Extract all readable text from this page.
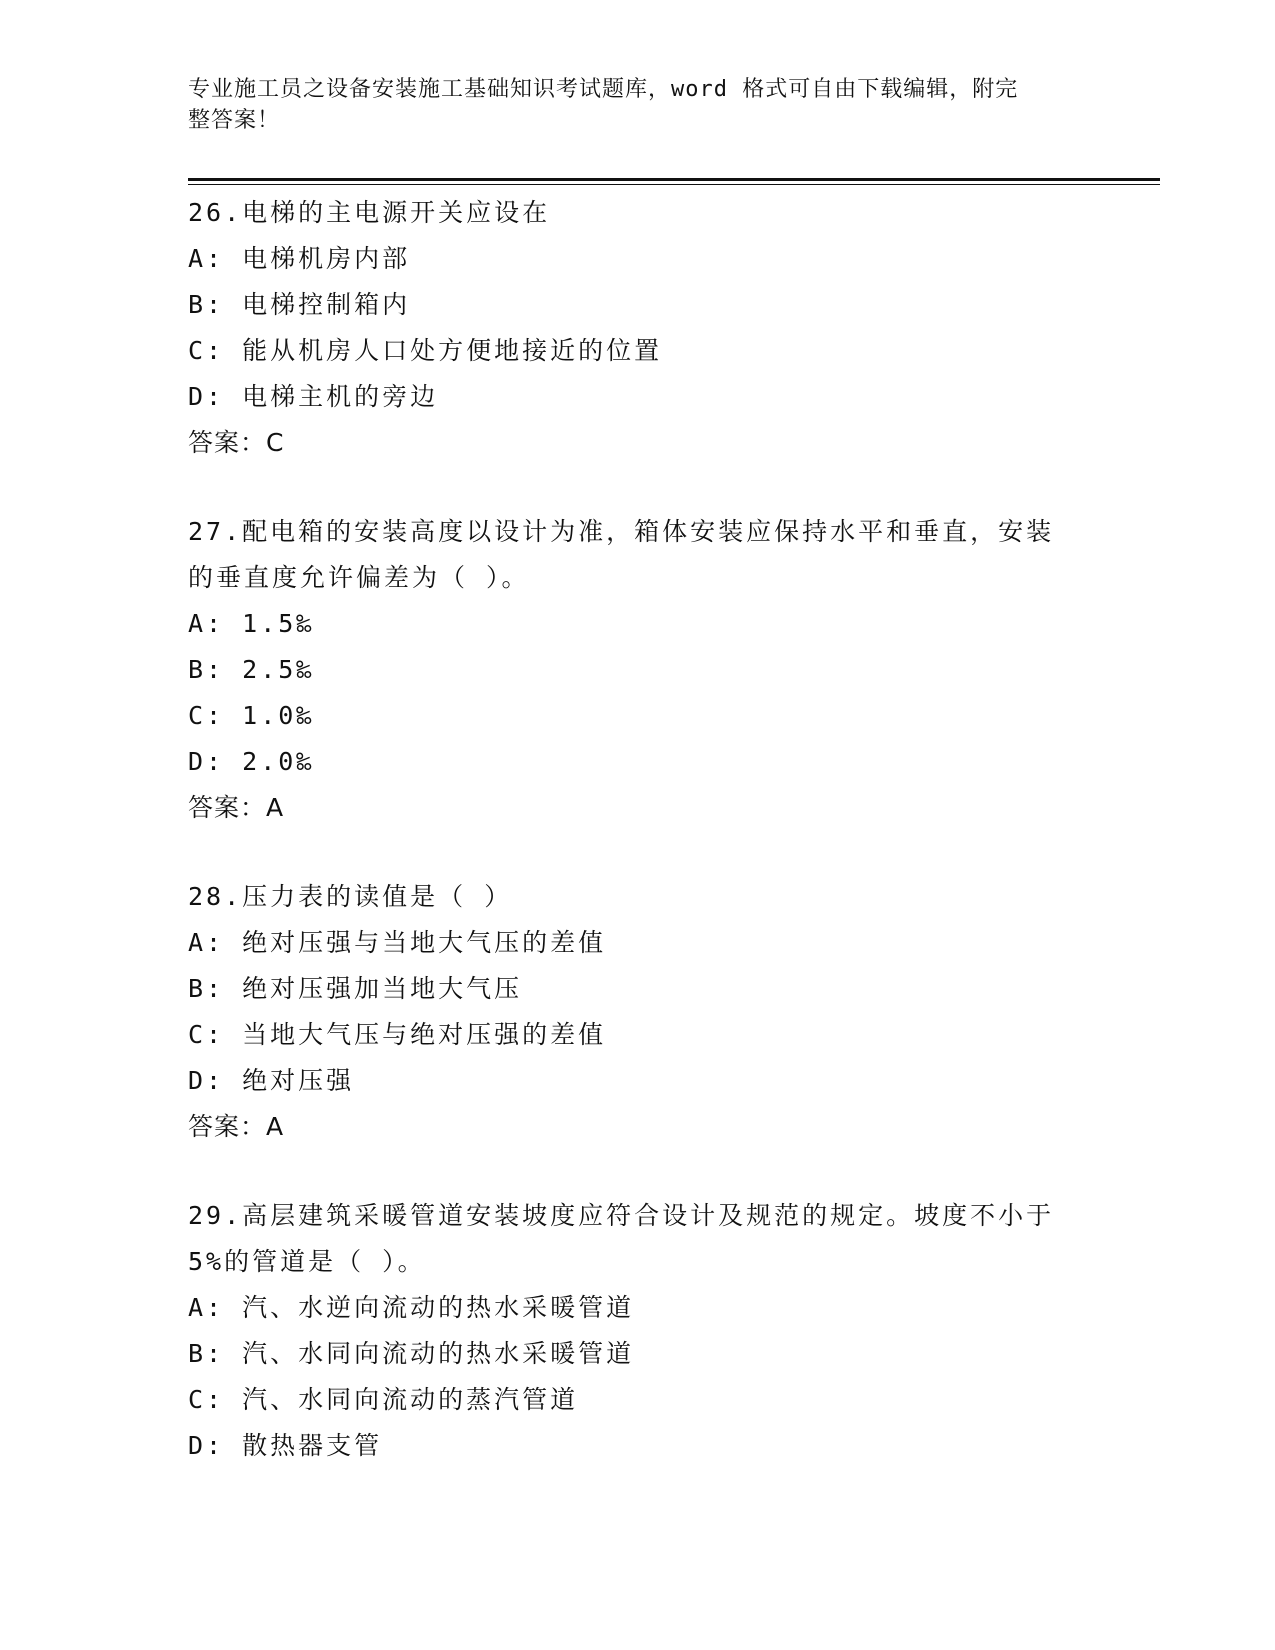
专业施工员之设备安装施工基础知识考试题库，word 格式可自由下载编辑，附完
整答案！
26.电梯的主电源开关应设在
A: 电梯机房内部
B: 电梯控制箱内
C: 能从机房人口处方便地接近的位置
D: 电梯主机的旁边
答案：C
27.配电箱的安装高度以设计为准，箱体安装应保持水平和垂直，安装
的垂直度允许偏差为（ ）。
A: 1.5‰
B: 2.5‰
C: 1.0‰
D: 2.0‰
答案：A
28.压力表的读值是（ ）
A: 绝对压强与当地大气压的差值
B: 绝对压强加当地大气压
C: 当地大气压与绝对压强的差值
D: 绝对压强
答案：A
29.高层建筑采暖管道安装坡度应符合设计及规范的规定。坡度不小于
5%的管道是（ ）。
A: 汽、水逆向流动的热水采暖管道
B: 汽、水同向流动的热水采暖管道
C: 汽、水同向流动的蒸汽管道
D: 散热器支管
